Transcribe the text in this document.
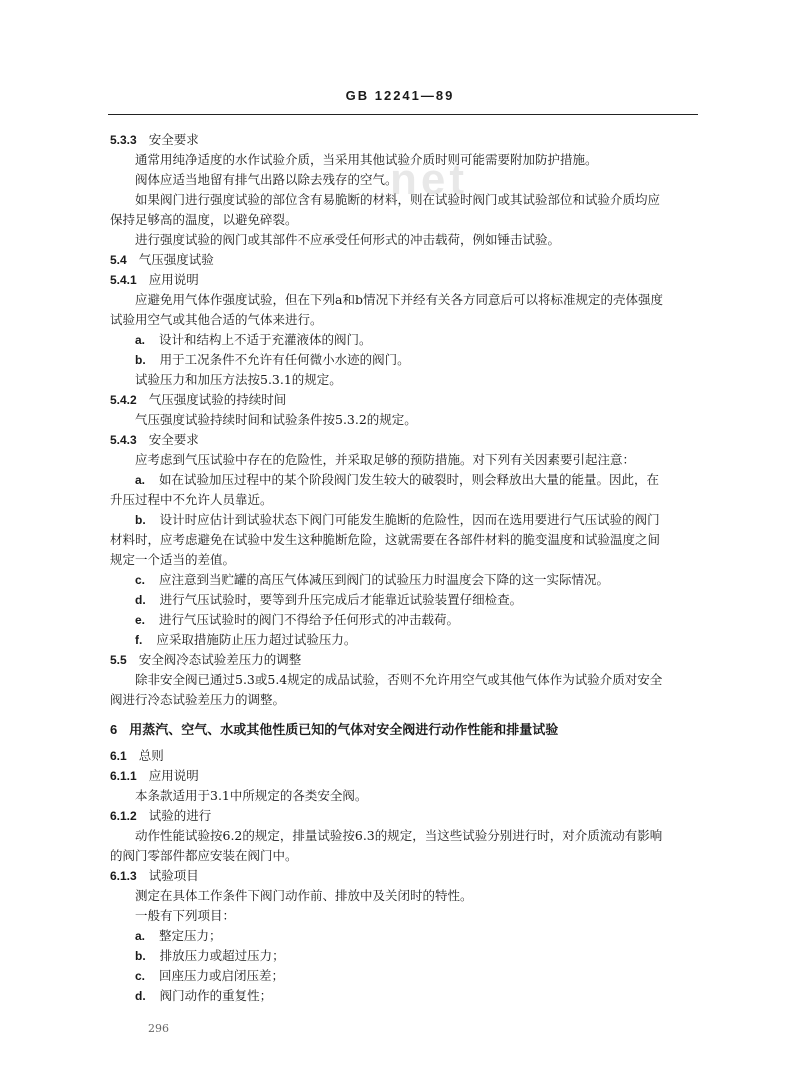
net
GB 12241—89
5.3.3 安全要求
通常用纯净适度的水作试验介质，当采用其他试验介质时则可能需要附加防护措施。
阀体应适当地留有排气出路以除去残存的空气。
如果阀门进行强度试验的部位含有易脆断的材料，则在试验时阀门或其试验部位和试验介质均应
保持足够高的温度，以避免碎裂。
进行强度试验的阀门或其部件不应承受任何形式的冲击载荷，例如锤击试验。
5.4 气压强度试验
5.4.1 应用说明
应避免用气体作强度试验，但在下列a和b情况下并经有关各方同意后可以将标准规定的壳体强度
试验用空气或其他合适的气体来进行。
a. 设计和结构上不适于充灌液体的阀门。
b. 用于工况条件不允许有任何微小水迹的阀门。
试验压力和加压方法按5.3.1的规定。
5.4.2 气压强度试验的持续时间
气压强度试验持续时间和试验条件按5.3.2的规定。
5.4.3 安全要求
应考虑到气压试验中存在的危险性，并采取足够的预防措施。对下列有关因素要引起注意：
a. 如在试验加压过程中的某个阶段阀门发生较大的破裂时，则会释放出大量的能量。因此，在
升压过程中不允许人员靠近。
b. 设计时应估计到试验状态下阀门可能发生脆断的危险性，因而在选用要进行气压试验的阀门
材料时，应考虑避免在试验中发生这种脆断危险，这就需要在各部件材料的脆变温度和试验温度之间
规定一个适当的差值。
c. 应注意到当贮罐的高压气体减压到阀门的试验压力时温度会下降的这一实际情况。
d. 进行气压试验时，要等到升压完成后才能靠近试验装置仔细检查。
e. 进行气压试验时的阀门不得给予任何形式的冲击载荷。
f. 应采取措施防止压力超过试验压力。
5.5 安全阀冷态试验差压力的调整
除非安全阀已通过5.3或5.4规定的成品试验，否则不允许用空气或其他气体作为试验介质对安全
阀进行冷态试验差压力的调整。
6 用蒸汽、空气、水或其他性质已知的气体对安全阀进行动作性能和排量试验
6.1 总则
6.1.1 应用说明
本条款适用于3.1中所规定的各类安全阀。
6.1.2 试验的进行
动作性能试验按6.2的规定，排量试验按6.3的规定，当这些试验分别进行时，对介质流动有影响
的阀门零部件都应安装在阀门中。
6.1.3 试验项目
测定在具体工作条件下阀门动作前、排放中及关闭时的特性。
一般有下列项目：
a. 整定压力；
b. 排放压力或超过压力；
c. 回座压力或启闭压差；
d. 阀门动作的重复性；
296
